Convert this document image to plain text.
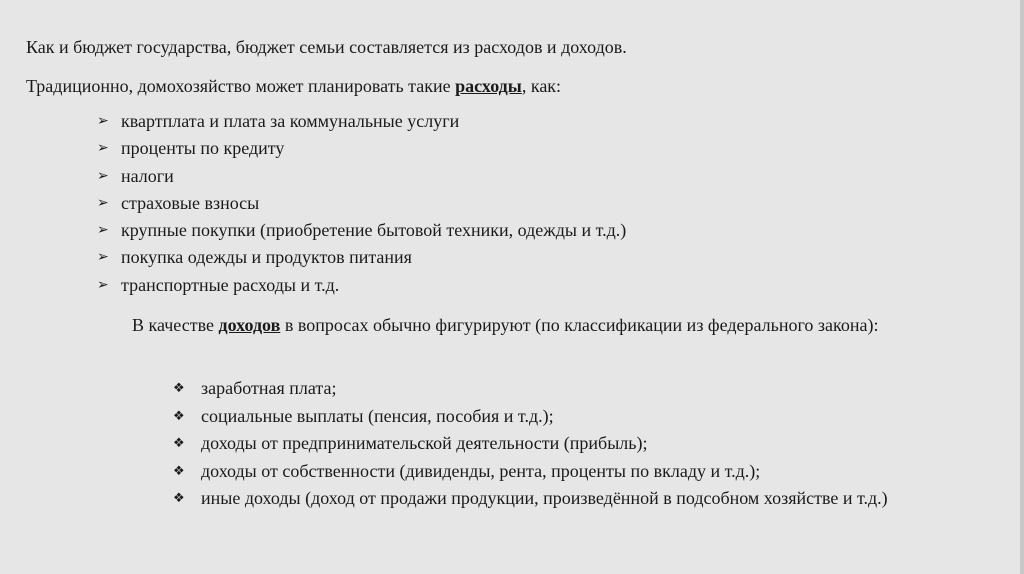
Как и бюджет государства, бюджет семьи составляется из расходов и доходов.

Традиционно, домохозяйство может планировать такие расходы, как:

➢ квартплата и плата за коммунальные услуги
➢ проценты по кредиту
➢ налоги
➢ страховые взносы
➢ крупные покупки (приобретение бытовой техники, одежды и т.д.)
➢ покупка одежды и продуктов питания
➢ транспортные расходы и т.д.

В качестве доходов в вопросах обычно фигурируют (по классификации из федерального закона):

❖ заработная плата;
❖ социальные выплаты (пенсия, пособия и т.д.);
❖ доходы от предпринимательской деятельности (прибыль);
❖ доходы от собственности (дивиденды, рента, проценты по вкладу и т.д.);
❖ иные доходы (доход от продажи продукции, произведённой в подсобном хозяйстве и т.д.)
